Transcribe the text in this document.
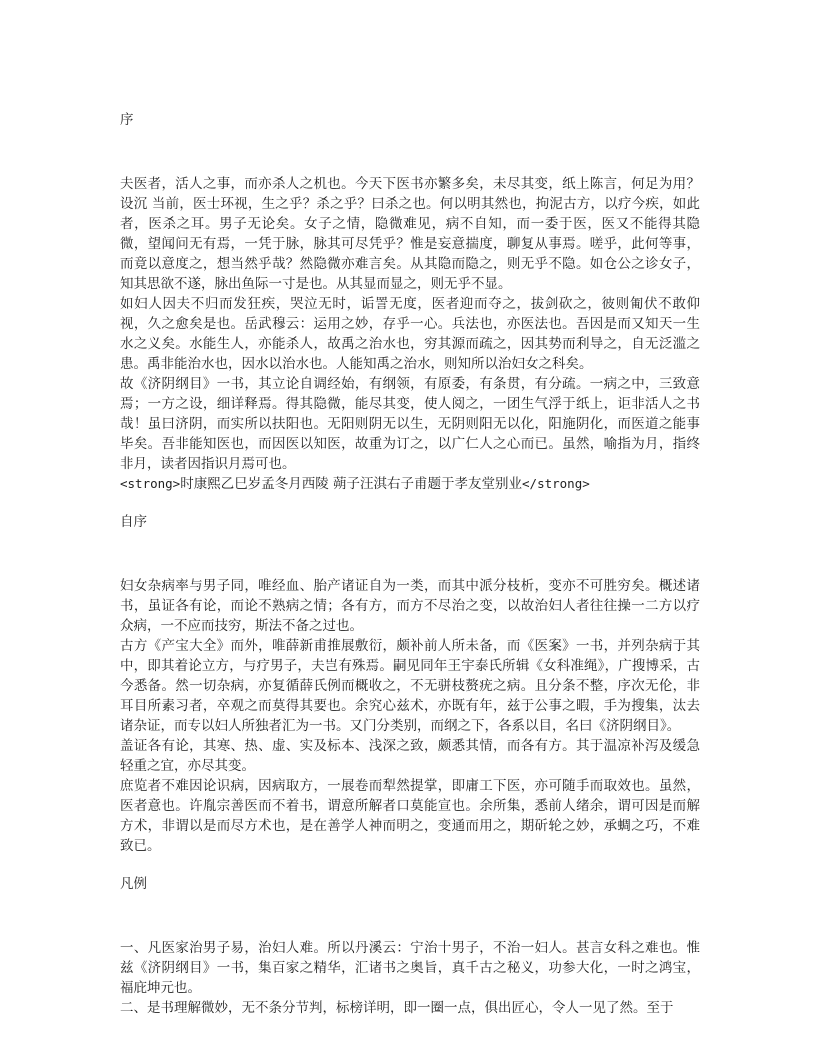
序

夫医者，活人之事，而亦杀人之机也。今天下医书亦繁多矣，未尽其变，纸上陈言，何足为用？设沉 当前，医士环视，生之乎？杀之乎？曰杀之也。何以明其然也，拘泥古方，以疗今疾，如此者，医杀之耳。男子无论矣。女子之情，隐微难见，病不自知，而一委于医，医又不能得其隐微，望闻问无有焉，一凭于脉，脉其可尽凭乎？惟是妄意揣度，聊复从事焉。嗟乎，此何等事，而竟以意度之，想当然乎哉？然隐微亦难言矣。从其隐而隐之，则无乎不隐。如仓公之诊女子，知其思欲不遂，脉出鱼际一寸是也。从其显而显之，则无乎不显。

如妇人因夫不归而发狂疾，哭泣无时，诟詈无度，医者迎而夺之，拔剑砍之，彼则匍伏不敢仰视，久之愈矣是也。岳武穆云：运用之妙，存乎一心。兵法也，亦医法也。吾因是而又知天一生水之义矣。水能生人，亦能杀人，故禹之治水也，穷其源而疏之，因其势而利导之，自无泛滥之患。禹非能治水也，因水以治水也。人能知禹之治水，则知所以治妇女之科矣。

故《济阴纲目》一书，其立论自调经始，有纲领，有原委，有条贯，有分疏。一病之中，三致意焉；一方之设，细详释焉。得其隐微，能尽其变，使人阅之，一团生气浮于纸上，讵非活人之书哉！虽曰济阴，而实所以扶阳也。无阳则阴无以生，无阴则阳无以化，阳施阴化，而医道之能事毕矣。吾非能知医也，而因医以知医，故重为订之，以广仁人之心而已。虽然，喻指为月，指终非月，读者因指识月焉可也。

<strong>时康熙乙巳岁孟冬月西陵 蒴子汪淇右子甫题于孝友堂别业</strong>

自序

妇女杂病率与男子同，唯经血、胎产诸证自为一类，而其中派分枝析，变亦不可胜穷矣。概述诸书，虽证各有论，而论不熟病之情；各有方，而方不尽治之变，以故治妇人者往往操一二方以疗众病，一不应而技穷，斯法不备之过也。

古方《产宝大全》而外，唯薛新甫推展敷衍，颇补前人所未备，而《医案》一书，并列杂病于其中，即其着论立方，与疗男子，夫岂有殊焉。嗣见同年王宇泰氏所辑《女科准绳》，广搜博采，古今悉备。然一切杂病，亦复循薛氏例而概收之，不无骈枝赘疣之病。且分条不整，序次无伦，非耳目所素习者，卒观之而莫得其要也。余究心兹术，亦既有年，兹于公事之暇，手为搜集，汰去诸杂证，而专以妇人所独者汇为一书。又门分类别，而纲之下，各系以目，名曰《济阴纲目》。

盖证各有论，其寒、热、虚、实及标本、浅深之致，颇悉其情，而各有方。其于温凉补泻及缓急轻重之宜，亦尽其变。

庶览者不难因论识病，因病取方，一展卷而犁然提掌，即庸工下医，亦可随手而取效也。虽然，医者意也。许胤宗善医而不着书，谓意所解者口莫能宣也。余所集，悉前人绪余，谓可因是而解方术，非谓以是而尽方术也，是在善学人神而明之，变通而用之，期斫轮之妙，承蜩之巧，不难致已。

凡例

一、凡医家治男子易，治妇人难。所以丹溪云：宁治十男子，不治一妇人。甚言女科之难也。惟兹《济阴纲目》一书，集百家之精华，汇诸书之奥旨，真千古之秘义，功参大化，一时之鸿宝，福庇坤元也。

二、是书理解微妙，无不条分节判，标榜详明，即一圈一点，俱出匠心，令人一见了然。至于
